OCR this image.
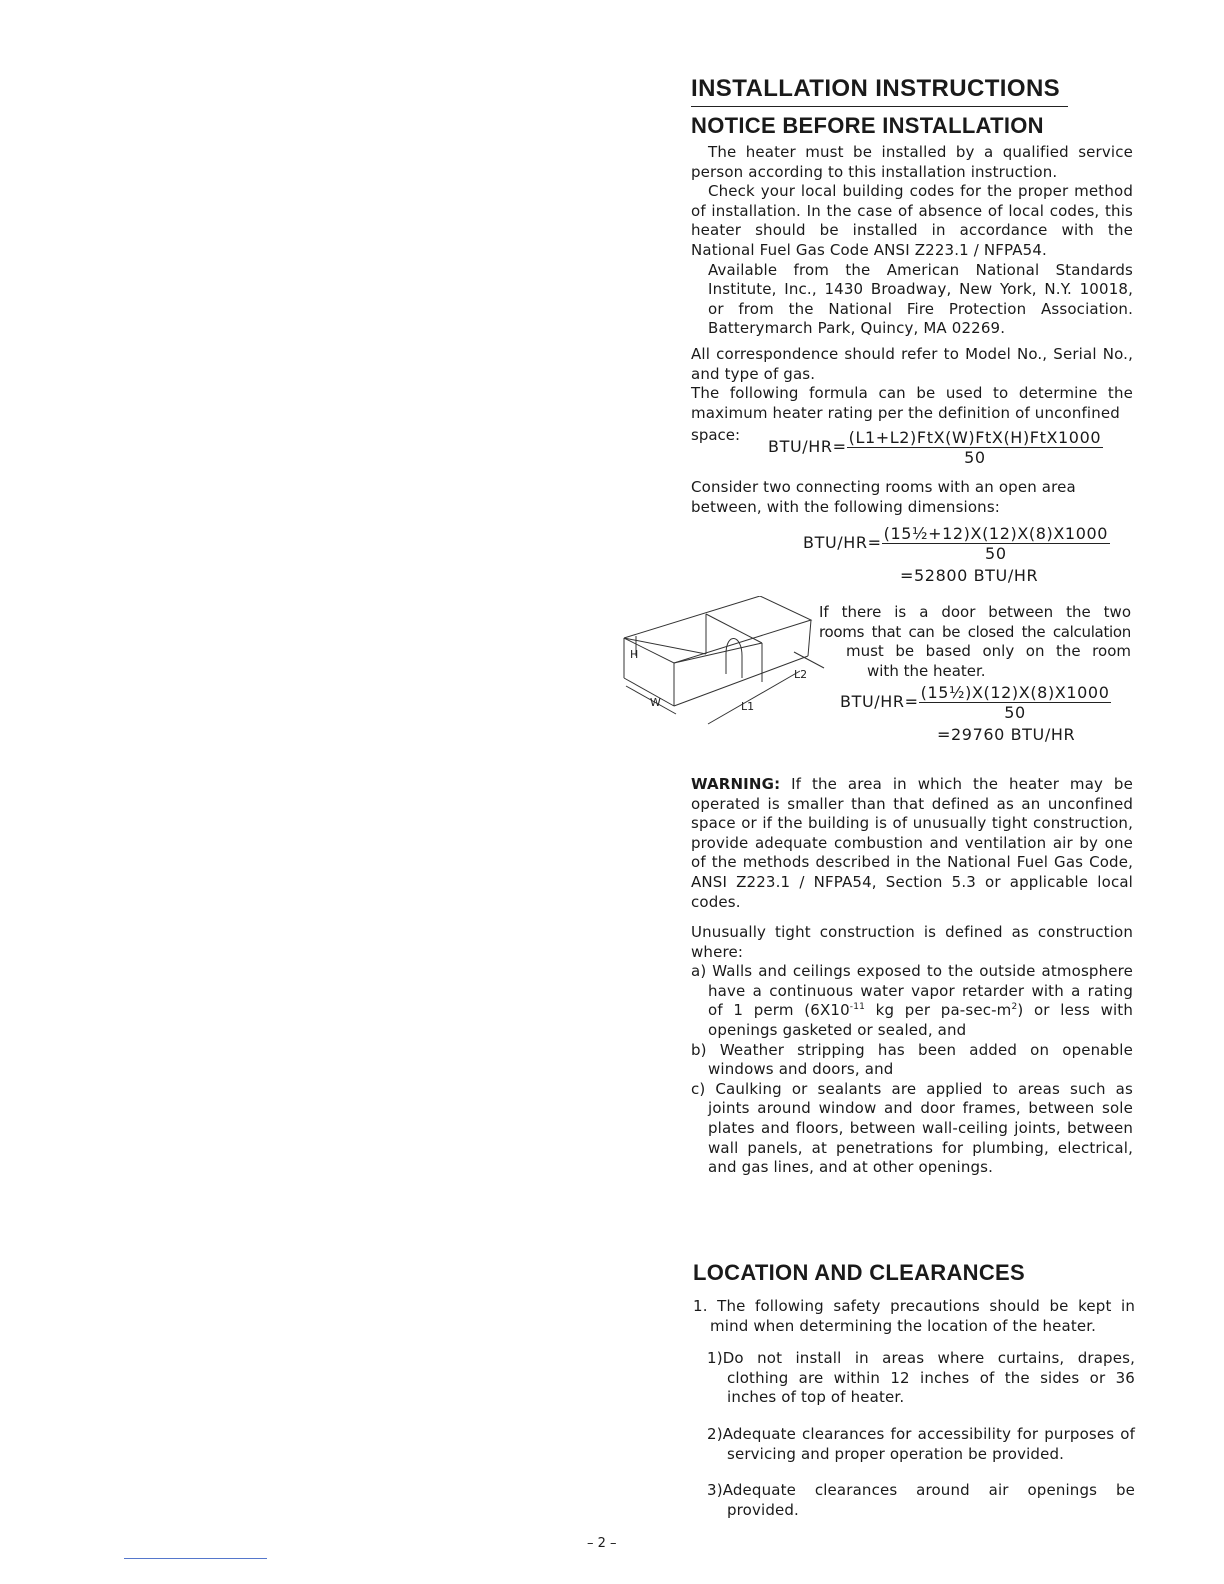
INSTALLATION INSTRUCTIONS
NOTICE BEFORE INSTALLATION

The heater must be installed by a qualified service person according to this installation instruction.

Check your local building codes for the proper method of installation. In the case of absence of local codes, this heater should be installed in accordance with the National Fuel Gas Code ANSI Z223.1 / NFPA54.

Available from the American National Standards Institute, Inc., 1430 Broadway, New York, N.Y. 10018, or from the National Fire Protection Association. Batterymarch Park, Quincy, MA 02269.

All correspondence should refer to Model No., Serial No., and type of gas.

The following formula can be used to determine the maximum heater rating per the definition of unconfined

space:
$BTU/HR= \frac{\text{(L1+L2)FtX(W)FtX(H)FtX1000}}{50}$
Consider two connecting rooms with an open area between, with the following dimensions:
$BTU/HR= \frac{\text{(15½+12)X(12)X(8)X1000}}{50}$
=52800 BTU/HR
H
W	L1
L2
If there is a door between the two
rooms that can be closed the calculation
must be based only on the room
with the heater.
$BTU/HR= \frac{\text{(15½)X(12)X(8)X1000}}{50}$
=29760 BTU/HR

WARNING: If the area in which the heater may be operated is smaller than that defined as an unconfined space or if the building is of unusually tight construction, provide adequate combustion and ventilation air by one of the methods described in the National Fuel Gas Code, ANSI Z223.1 / NFPA54, Section 5.3 or applicable local codes.

Unusually tight construction is defined as construction where:

a) Walls and ceilings exposed to the outside atmosphere have a continuous water vapor retarder with a rating of 1 perm ($6X10^{-11}$ kg per $pa-\sec-m^2$) or less with openings gasketed or sealed, and

b) Weather stripping has been added on openable windows and doors, and

c) Caulking or sealants are applied to areas such as joints around window and door frames, between sole plates and floors, between wall-ceiling joints, between wall panels, at penetrations for plumbing, electrical, and gas lines, and at other openings.

LOCATION AND CLEARANCES

1. The following safety precautions should be kept in mind when determining the location of the heater.

1)Do not install in areas where curtains, drapes, clothing are within 12 inches of the sides or 36 inches of top of heater.

2)Adequate clearances for accessibility for purposes of servicing and proper operation be provided.

3)Adequate clearances around air openings be provided.

– 2 –
